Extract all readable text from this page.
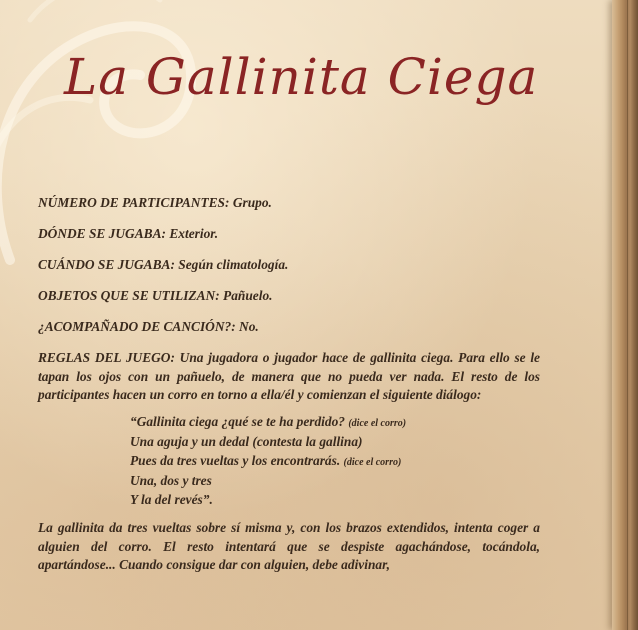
La Gallinita Ciega
NÚMERO DE PARTICIPANTES: Grupo.
DÓNDE SE JUGABA: Exterior.
CUÁNDO SE JUGABA: Según climatología.
OBJETOS QUE SE UTILIZAN: Pañuelo.
¿ACOMPAÑADO DE CANCIÓN?: No.

REGLAS DEL JUEGO: Una jugadora o jugador hace de gallinita ciega. Para ello se le tapan los ojos con un pañuelo, de manera que no pueda ver nada. El resto de los participantes hacen un corro en torno a ella/él y comienzan el siguiente diálogo:

“Gallinita ciega ¿qué se te ha perdido? (dice el corro)
Una aguja y un dedal (contesta la gallina)
Pues da tres vueltas y los encontrarás. (dice el corro)
Una, dos y tres
Y la del revés”.

La gallinita da tres vueltas sobre sí misma y, con los brazos extendidos, intenta coger a alguien del corro. El resto intentará que se despiste agachándose, tocándola, apartándose... Cuando consigue dar con alguien, debe adivinar,
